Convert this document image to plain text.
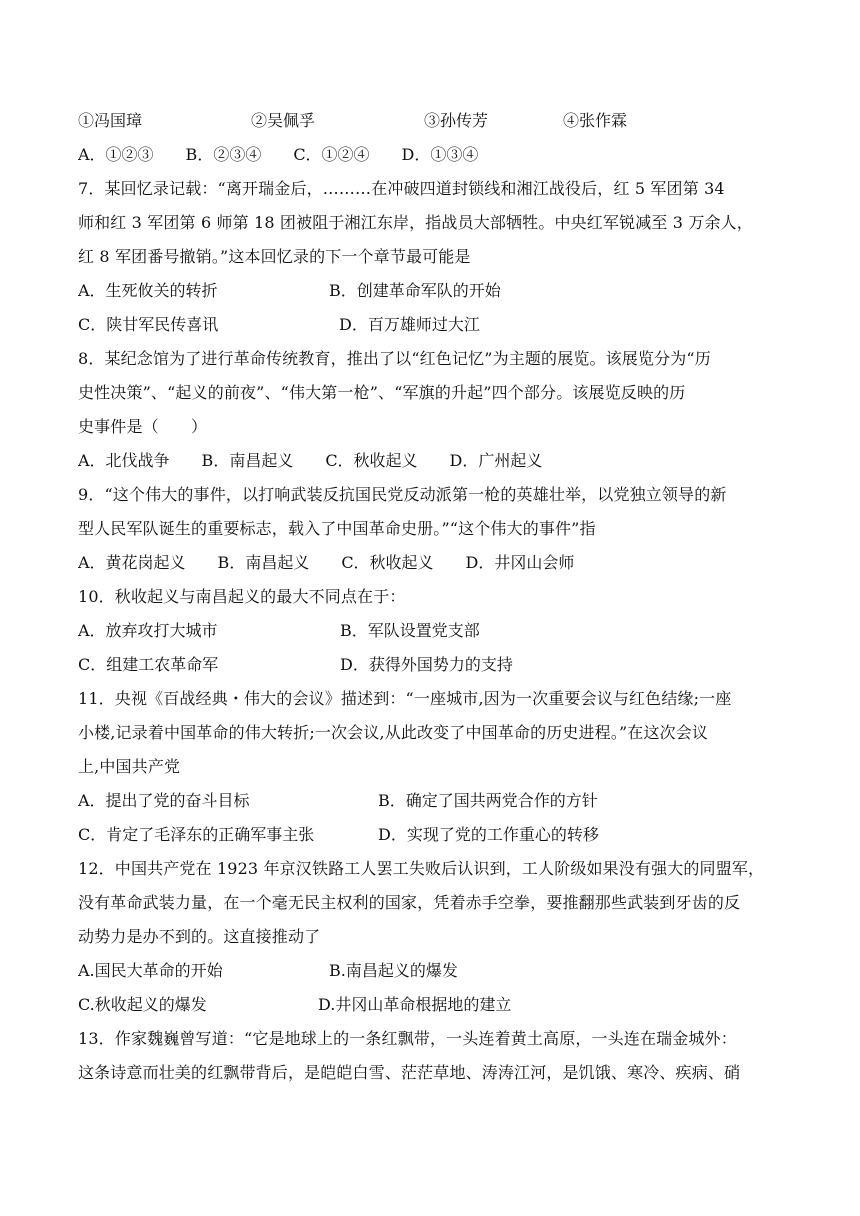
①冯国璋	②吴佩孚	③孙传芳	④张作霖
A．①②③　　B．②③④　　C．①②④　　D．①③④
7．某回忆录记载：“离开瑞金后，………在冲破四道封锁线和湘江战役后，红 5 军团第 34
师和红 3 军团第 6 师第 18 团被阻于湘江东岸，指战员大部牺牲。中央红军锐减至 3 万余人，
红 8 军团番号撤销。”这本回忆录的下一个章节最可能是
A．生死攸关的转折	B．创建革命军队的开始
C．陕甘军民传喜讯	D．百万雄师过大江
8．某纪念馆为了进行革命传统教育，推出了以“红色记忆”为主题的展览。该展览分为“历
史性决策”、“起义的前夜”、“伟大第一枪”、“军旗的升起”四个部分。该展览反映的历
史事件是（　　）
A．北伐战争　　B．南昌起义　　C．秋收起义　　D．广州起义
9．“这个伟大的事件，以打响武装反抗国民党反动派第一枪的英雄壮举，以党独立领导的新
型人民军队诞生的重要标志，载入了中国革命史册。”“这个伟大的事件”指
A．黄花岗起义　　B．南昌起义　　C．秋收起义　　D．井冈山会师
10．秋收起义与南昌起义的最大不同点在于：
A．放弃攻打大城市	B．军队设置党支部
C．组建工农革命军	D．获得外国势力的支持
11．央视《百战经典・伟大的会议》描述到：“一座城市,因为一次重要会议与红色结缘;一座
小楼,记录着中国革命的伟大转折;一次会议,从此改变了中国革命的历史进程。”在这次会议
上,中国共产党
A．提出了党的奋斗目标	B．确定了国共两党合作的方针
C．肯定了毛泽东的正确军事主张	D．实现了党的工作重心的转移
12．中国共产党在 1923 年京汉铁路工人罢工失败后认识到，工人阶级如果没有强大的同盟军，
没有革命武装力量，在一个毫无民主权利的国家，凭着赤手空拳，要推翻那些武装到牙齿的反
动势力是办不到的。这直接推动了
A.国民大革命的开始	B.南昌起义的爆发
C.秋收起义的爆发	D.井冈山革命根据地的建立
13．作家魏巍曾写道：“它是地球上的一条红飘带，一头连着黄土高原，一头连在瑞金城外：
这条诗意而壮美的红飘带背后，是皑皑白雪、茫茫草地、涛涛江河，是饥饿、寒冷、疾病、硝
